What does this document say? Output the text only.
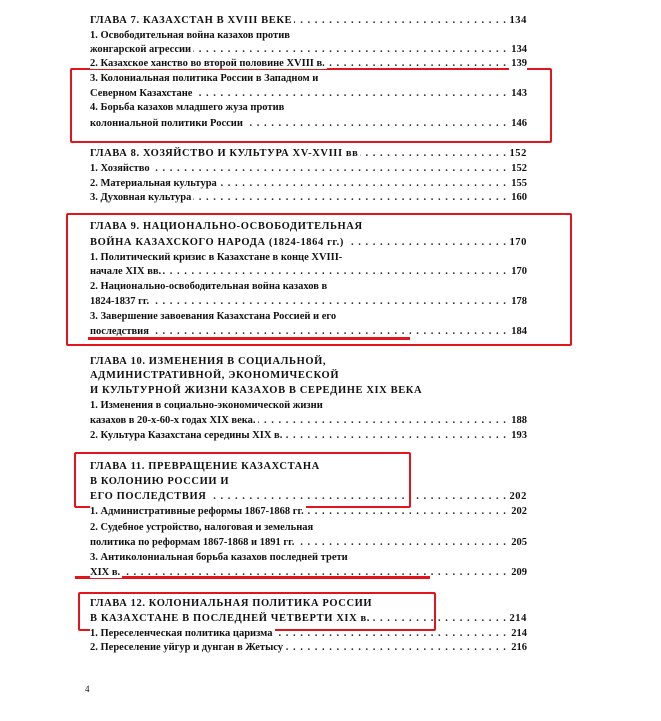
ГЛАВА 7. КАЗАХСТАН В XVIII ВЕКЕ	134
. . .
1. Освободительная война казахов против
жонгарской агрессии	134
. . .
2. Казахское ханство во второй половине XVIII в.	139
. . .
3. Колониальная политика России в Западном и
Северном Казахстане	143
. . .
4. Борьба казахов младшего жуза против
колониальной политики России	146
. . .
ГЛАВА 8. ХОЗЯЙСТВО И КУЛЬТУРА XV-XVIII вв	152
. . .
1. Хозяйство	152
. . .
2. Материальная культура	155
. . .
3. Духовная культура	160
. . .
ГЛАВА 9. НАЦИОНАЛЬНО-ОСВОБОДИТЕЛЬНАЯ
ВОЙНА КАЗАХСКОГО НАРОДА (1824-1864 гг.)	170
. . .
1. Политический кризис в Казахстане в конце XVIII-
начале XIX вв.	170
. . .
2. Национально-освободительная война казахов в
1824-1837 гг.	178
. . .
3. Завершение завоевания Казахстана Россией и его
последствия	184
. . .
ГЛАВА 10. ИЗМЕНЕНИЯ В СОЦИАЛЬНОЙ,
АДМИНИСТРАТИВНОЙ, ЭКОНОМИЧЕСКОЙ
И КУЛЬТУРНОЙ ЖИЗНИ КАЗАХОВ В СЕРЕДИНЕ XIX ВЕКА
1. Изменения в социально-экономической жизни
казахов в 20-х-60-х годах XIX века.	188
. . .
2. Культура Казахстана середины XIX в.	193
. . .
ГЛАВА 11. ПРЕВРАЩЕНИЕ КАЗАХСТАНА
В КОЛОНИЮ РОССИИ И
ЕГО ПОСЛЕДСТВИЯ	202
. . .
1. Административные реформы 1867-1868 гг.	202
. . .
2. Судебное устройство, налоговая и земельная
политика по реформам 1867-1868 и 1891 гг.	205
. . .
3. Антиколониальная борьба казахов последней трети
XIX в.	209
. . .
ГЛАВА 12. КОЛОНИАЛЬНАЯ ПОЛИТИКА РОССИИ
В КАЗАХСТАНЕ В ПОСЛЕДНЕЙ ЧЕТВЕРТИ XIX в.	214
. . .
1. Переселенческая политика царизма	214
. . .
2. Переселение уйгур и дунган в Жетысу	216
. . .
4
